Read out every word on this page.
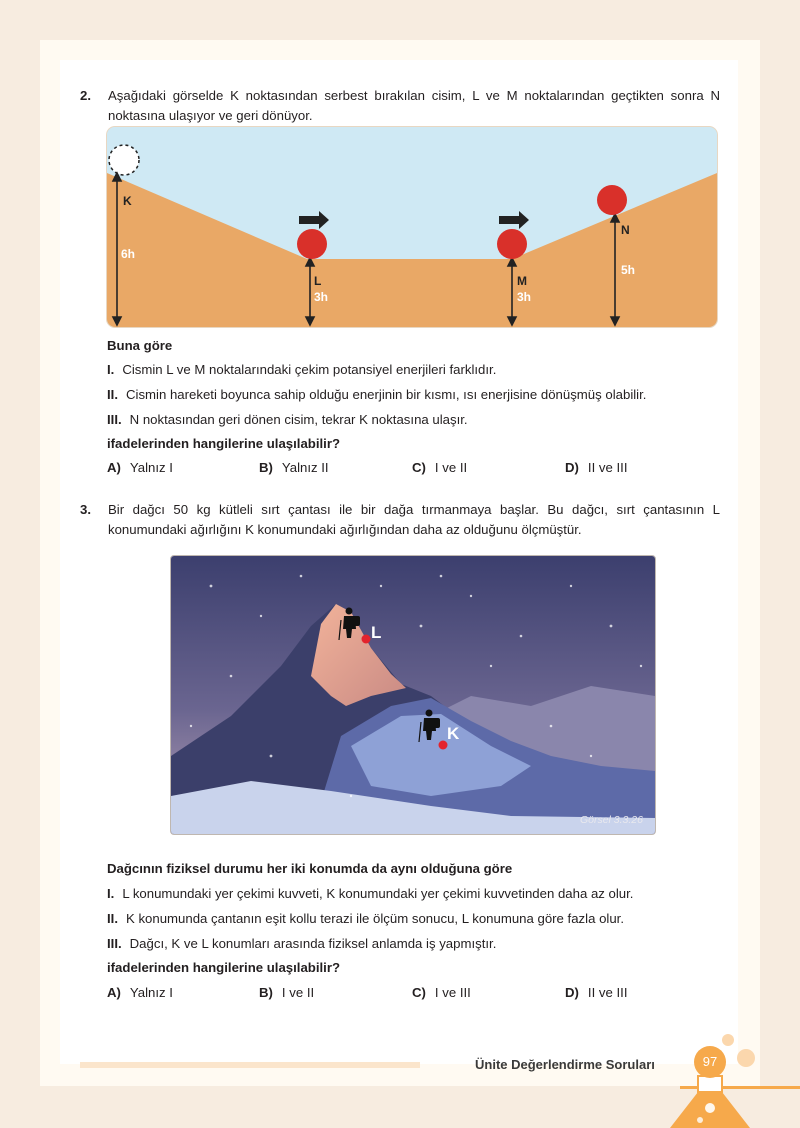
2. Aşağıdaki görselde K noktasından serbest bırakılan cisim, L ve M noktalarından geçtikten sonra N noktasına ulaşıyor ve geri dönüyor.
K
6h
L
3h
M
3h
N
5h
Buna göre
I. Cismin L ve M noktalarındaki çekim potansiyel enerjileri farklıdır.
II. Cismin hareketi boyunca sahip olduğu enerjinin bir kısmı, ısı enerjisine dönüşmüş olabilir.
III. N noktasından geri dönen cisim, tekrar K noktasına ulaşır.
ifadelerinden hangilerine ulaşılabilir?
A) Yalnız I	B) Yalnız II	C) I ve II	D) II ve III
3. Bir dağcı 50 kg kütleli sırt çantası ile bir dağa tırmanmaya başlar. Bu dağcı, sırt çantasının L konumundaki ağırlığını K konumundaki ağırlığından daha az olduğunu ölçmüştür.
L
K
Görsel 3.3.26
Dağcının fiziksel durumu her iki konumda da aynı olduğuna göre
I. L konumundaki yer çekimi kuvveti, K konumundaki yer çekimi kuvvetinden daha az olur.
II. K konumunda çantanın eşit kollu terazi ile ölçüm sonucu, L konumuna göre fazla olur.
III. Dağcı, K ve L konumları arasında fiziksel anlamda iş yapmıştır.
ifadelerinden hangilerine ulaşılabilir?
A) Yalnız I	B) I ve II	C) I ve III	D) II ve III
Ünite Değerlendirme Soruları	97
